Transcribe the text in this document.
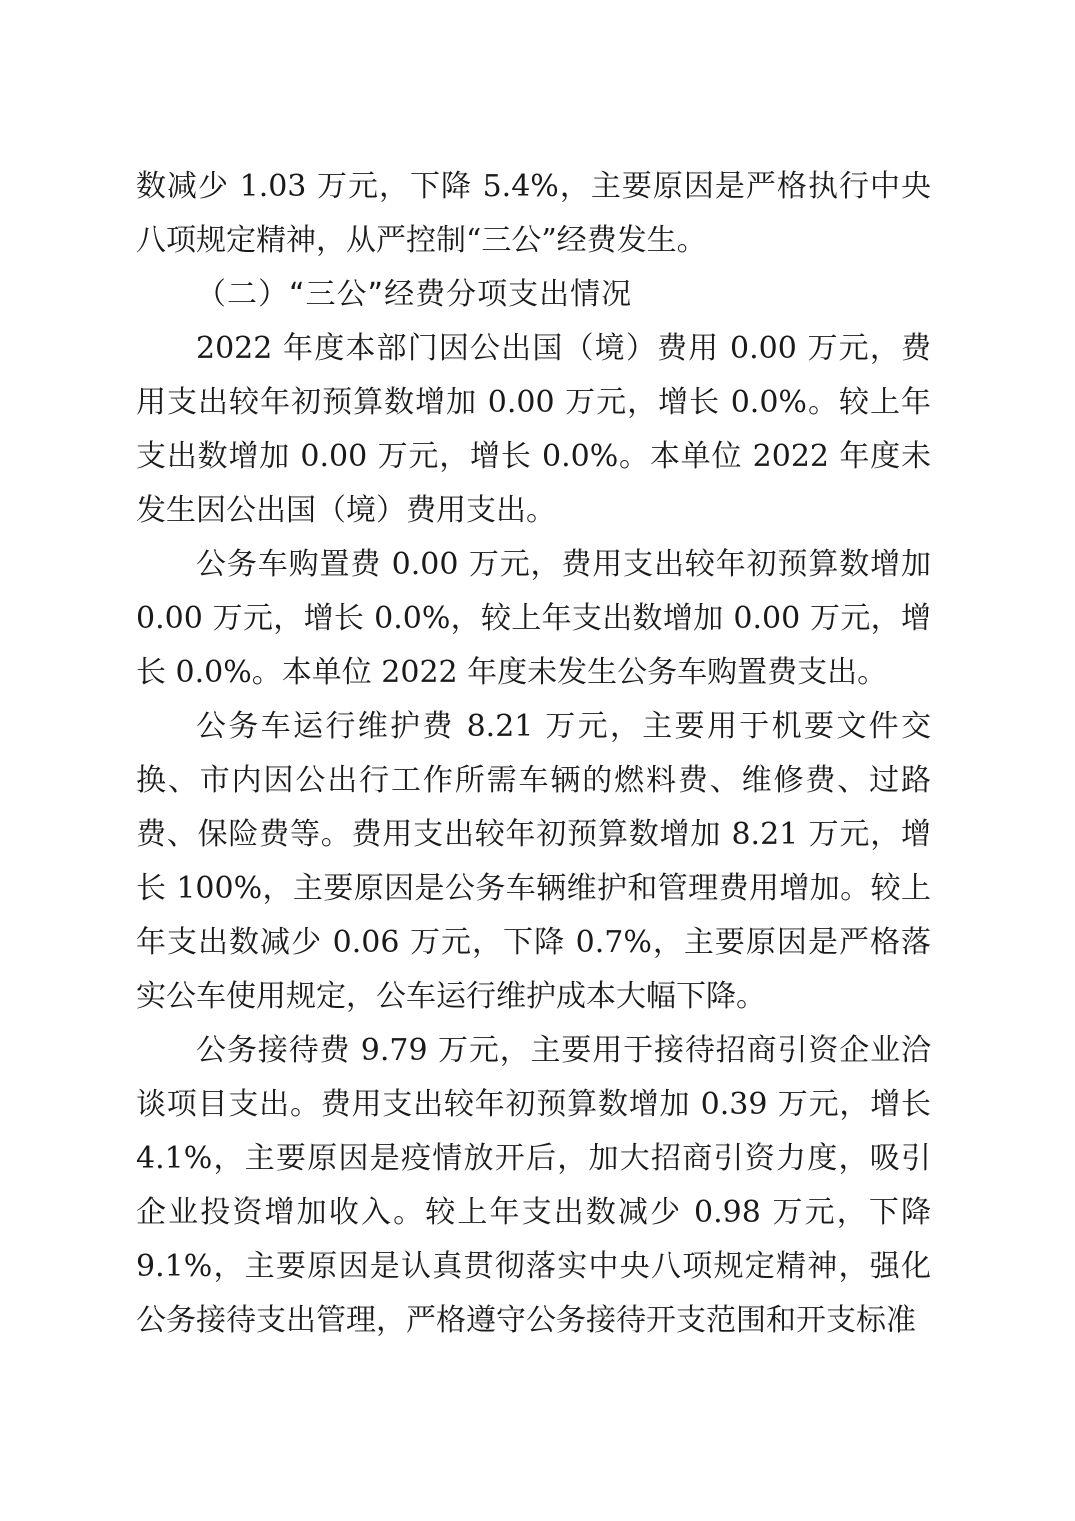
数减少 1.03 万元，下降 5.4%，主要原因是严格执行中央八项规定精神，从严控制“三公”经费发生。

（二）“三公”经费分项支出情况

2022 年度本部门因公出国（境）费用 0.00 万元，费用支出较年初预算数增加 0.00 万元，增长 0.0%。较上年支出数增加 0.00 万元，增长 0.0%。本单位 2022 年度未发生因公出国（境）费用支出。

公务车购置费 0.00 万元，费用支出较年初预算数增加 0.00 万元，增长 0.0%，较上年支出数增加 0.00 万元，增长 0.0%。本单位 2022 年度未发生公务车购置费支出。

公务车运行维护费 8.21 万元，主要用于机要文件交换、市内因公出行工作所需车辆的燃料费、维修费、过路费、保险费等。费用支出较年初预算数增加 8.21 万元，增长 100%，主要原因是公务车辆维护和管理费用增加。较上年支出数减少 0.06 万元，下降 0.7%，主要原因是严格落实公车使用规定，公车运行维护成本大幅下降。

公务接待费 9.79 万元，主要用于接待招商引资企业洽谈项目支出。费用支出较年初预算数增加 0.39 万元，增长 4.1%，主要原因是疫情放开后，加大招商引资力度，吸引企业投资增加收入。较上年支出数减少 0.98 万元，下降 9.1%，主要原因是认真贯彻落实中央八项规定精神，强化公务接待支出管理，严格遵守公务接待开支范围和开支标准
